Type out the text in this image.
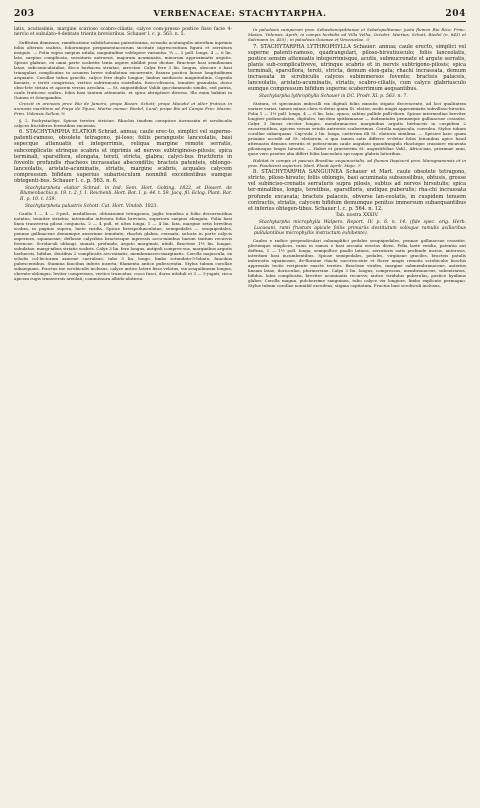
203	VERBENACEAE: STACHYTARPHA.	204

latis, acutissimis, margine scarioso scabro-ciliatis, calyce com-pressо postice fisso facie 4-nervio et subulato-4-dentato triente brevioribus. Schauer l. c. p. 563. n. 5.

Suffrutex demissus, ramificatione subdichotoma patentissima, ra-mulis acutangulis interdum inprimis foliis alternis scabris, foliorumque pergamentaceorum siccitate nigrescentium figura et serratura insignis. — Folia supra saepius nitida, magnitudine valdopere variantia, ½ — 2 poll. longa, 4 — 6 lin. lata, saepius complicata, serraturis antrorsis, majorum acuminatis, minorum approximatis argutis. Spicae glabrae, ex omni parte scabritie lenta aspere ubilibit prae dicitae. Bracteae basi semilineam latae, subcomiculatulae, dicco herbacea striatae, arrectae. Calyx fere 3 lin. longus, obscure e basi triangulari complicatus in acumen breve subulatum excurrente, fissura postica lineae longitudinem aequante. Corollae tubus gracilis, calyce fere duplo longior; limbus mediocris magnitudinis. Capsula linearis, e tereti compressa, vertice subtruncato rostellata, fusco-olivacea, tenuiter granulata, dorso obso-lete striata et apicem versus areolata. — St. angustifoliae Vahlii quo-dammodo similis, sed patria, caule fruticoso scabro, foliis basi tantum attenuatis, et spica abruptiore diversa. Illa enim habitat in Guinea et Senegambia.

Crescit in arenosis prov. Rio de Janeiro, prope Bazan: Schott; prope Macahé et alter fruticos in arenosis maritimis ad Praya de Tijuca, Martio mense: Riedel, Lund; prope Rio ad Campo Frio: Mazim. Prim. Vidensis Sellow. ½

§. 2. Pachystachys. Spicae tereter, strictae. Rhachis tandem conspicue incrassata et scrobiculis calyces fructiferos foventibus excavata.

6. STACHYTARPHA ELATIOR Schrad. annua; caule erec-to, simplici vel superne-patenti-ramoso, obsolete tetragono, pi-loso; foliis peranguste lanceolatis, basi sepecque attenuatis et integerrimis, reliqua margine remote serratis, subcomplicatis utrinque scabris et inprimis ad nervos subtriginoso-pilosis; spica terminali, sparsiflora, elongata, tereti, stricta, glabra; calyci-bus fructiferis in foveolis profundis rhacheos incrassatae absconditis; bracteis patenteis, oblongo-lanceolatis, aristato-acuminatis, striatis, margine scabris, acquales calycem compressum bifidum superius subarisiculum nonnihil excedentibus eumque obtegenti-bus. Schauer l. c. p. 563. n. 6.

Stachytarpheta elatior Schrad. in Ind. Sem. Hort. Golting. 1822, et Dissert. de Blumenbachia p. 19. t. 2. f. 1. Reichenb. Hort. Bot. I. p. 44. t. 59. Jacq. fil. Eclog. Plant. Rar. II. p. 10. t. 159.

Stachytarpheta palustris Schott. Cat. Hort. Vindob. 1823.

Caulis 1 — 4 — 5-ped., medullosus, obtusissime tetragonus, juglis tenuibus a foliis decurrentibus notatus, tenuiter striatus; internodia inferiora foliis breviora, superiora saepius elongata. Folia basi lineа transversa pilosa conjuncta, 2 — 4 poll. et ultra longa, 1 — 4 lin. lata, margine setis brevibus scabra, in paginis supera, laete viridia. Spicae brevipedunculatae, semipedales — sesquipedales, pennae gallinaceae demumque anserinae tenuitate; rhachis glabra, crassata, sulcata in parte calycis superiora, squamosae; deflorae calycibus bracteisque inpressis accu-minibus harum tantum recurvis fovencae. Scrobiculi oblongi, sinuati, profunde, arguto marginati, nitidi. Bracteae 1½ lin. longae, subulatae, margi-nibus striatis scabris. Calyx 3 lin. fere longus, antipoli compres-sus, marginibus argutis herbaceis, bifidus, dentibus 2 complicatis acu-minatis, membranaceo-marginatis. Corolla majuscula, ex scholis col-lectorum azureae caeruleae, tubo 3 lin. longo, limbo rotundato-5-lobato, faucibus pubescentibus. Stamina faucibus inferis inserta; filamenta antice pubescentia. Stylus tubum corollae subaequans. Fructus ine scrobiculis inclusus, calyce antico latere fisso velatus, vix sesquilineam longus, obovato-oblongus, leviter compressus, vertice truncatus; cocci fusci, dorso nitiduli et 3 — 5-jugati, circa apicem rugis transversis areolati; commissura albido-aluticea.

In paludosis camporum prov. Sebastianopolitanae et Sebetopolitanae: juxta flumen Rio Rico: Princ. Maxim. Vidensis. Aprili; in campis herbidis ad Villa Velha, Octobri: Martius, Schott, Riedel (n. 843) et Salzmann (n. 455) ; in paludosis Guianae et Venezuelae. ☉

7. STACHYTARPHA LYTHROPHYLLA Schauer: annua; caule erecto, simplici vel superne patenti-ramoso, quadrangulari, piloso-hirsutiusculo; foliis lanceolatis, postice sensim attenuatis integerrimisque, acutis, submucronate et argute serratis, planis sub-complicativеve, utrinque scabris et in nervis subtrigono-pilosis; spica terminali, sparsiflora, tereti, stricta, demum elon-gata; rhachi incrassata, demum incrassata in scrobiculis calyces subimmersos fovente; bracteis palaceis, lanceolatis, aristato-acuminatis, striatis, scabro-ciliatis, cum calyce glabriusculo eumque compressum bifidum superne scaberrimum aequantibus.

Stachytarpha lythrophylla Schauer in DC. Prodr. XI. p. 563. n. 7.

Statura, et speciminis imbecilli vix digitali foliis minutis stipato decrescente, ad loci qualitatem variare variat, tamen minus clara vi-detur quam St. elatior, nodis magis approximatis subvilloso-hirsutis. Folia 1 — 1½ poll. longa, 4 — 6 lin. lata, opaca, subtus pallide palli-diora. Spicae intermediae breviter longiter pedunculatae, digitales, tan-dem spithamaeae — dodrantales pennaeque gallinaceae crassitie. Calyx 3 lineas circiter longus, membranaceus marginibus argutis herbaceis in cuspidem 2 excurrentibus, apicem versus setulis antrorsis scaberrimus. Corolla majuscula, coerulea. Stylus tubum corollae subaequans. Cap-sula 2 lin. longa, caeterum illi St. elatioris similima. — Species haec quam proxime accedit ad St. elatiorem, a qua tamen satis differre vi-detur foliis lotionibus apice haud attenuatis densius serratis et potissi-mum caule angulato quandrangulo rhachique crassiore excavata pilosiusque longis hirsutis. — Habet et praesertim St. angustifoliae Vahl., Africa-nae, proximae anni, quae vero praeter alia differt foliis lanceolato spi-caque glabris latioribus.

Habitat in campis et pascuis Brasiliae aequinoctialis, ad flumen Itapicurú prov. Maragnanensis et in prov. Piauhiensi superiori: Mart. Flouit Aprili, Majo. ☉

8. STACHYTARPHA SANGUINEA Schauer et Mart. caule obsolete tetragono, stricto, piloso-hirsuto; foliis oblongis, basi acuminata subsessilibus, obtusis, grosse vel subinciso-crenatis serraturis supra pilosis, subtus ad nervos hirsutulis; spica ter-minalibus, longis, teretibus, sparsifloris, undique puberulis; rha-chi incrassata profunde excavata; bracteis palaceis, obverse lan-ceolatis, in cuspidem tenuem contractis, striatis, calycem bifidum demumque penitus immersum subaequantibus et inferius obtegen-tibus. Schauer l. c. p. 564. n. 12.

Tab. nostra XXXIV.

Stachytarpha microphylla Walpers. Report. IV. p. 6. n. 14. (fide spec. orig. Herb. Lucaeani, rami frustum apicale foliis primariis destitutum solisque ramulis axillaribus pullulantibus microphyllis instructum exhibente).

Caules e radice perpendiculari subamplifici pedales sesquipedales, pennae gallinaceae crassitie, plerumque simplices, raius in ramos e basi arcuata erectos divisi. Folia laete viridia, patentia aut deflexa, 1 — 1½ poll. longa, semipollice paullo latiora, serraturis satis profunde incisis, anterosis, interdum basi incumbentibus. Spicae semipedales, pedales, virgineae graciles, bracteis patulis imbricatis squamosae, de-floratae rhachi succrescente et florer magis remotis scrobiculis brachis appresaiis tectis recipiente exacte teretes. Bracteae virides, margine submembranaceae, anterius lineam latae, dorioculae, plurinerviae. Calyx 3 lin. longus, compressus, membranaceus, subextriatus, bifidus, lobis complicatis, breviter acuminatis recurvis; antice viridulus puberulus, postice hyalinus glaber. Corolla magna, pulcherrime sanguinea, tubo calyce vix longiore, limbo explicato permagno. Stylus tubum corollae nonnihil excedens; stigma capitatum. Fructus basi scrobiculi inclusus,
